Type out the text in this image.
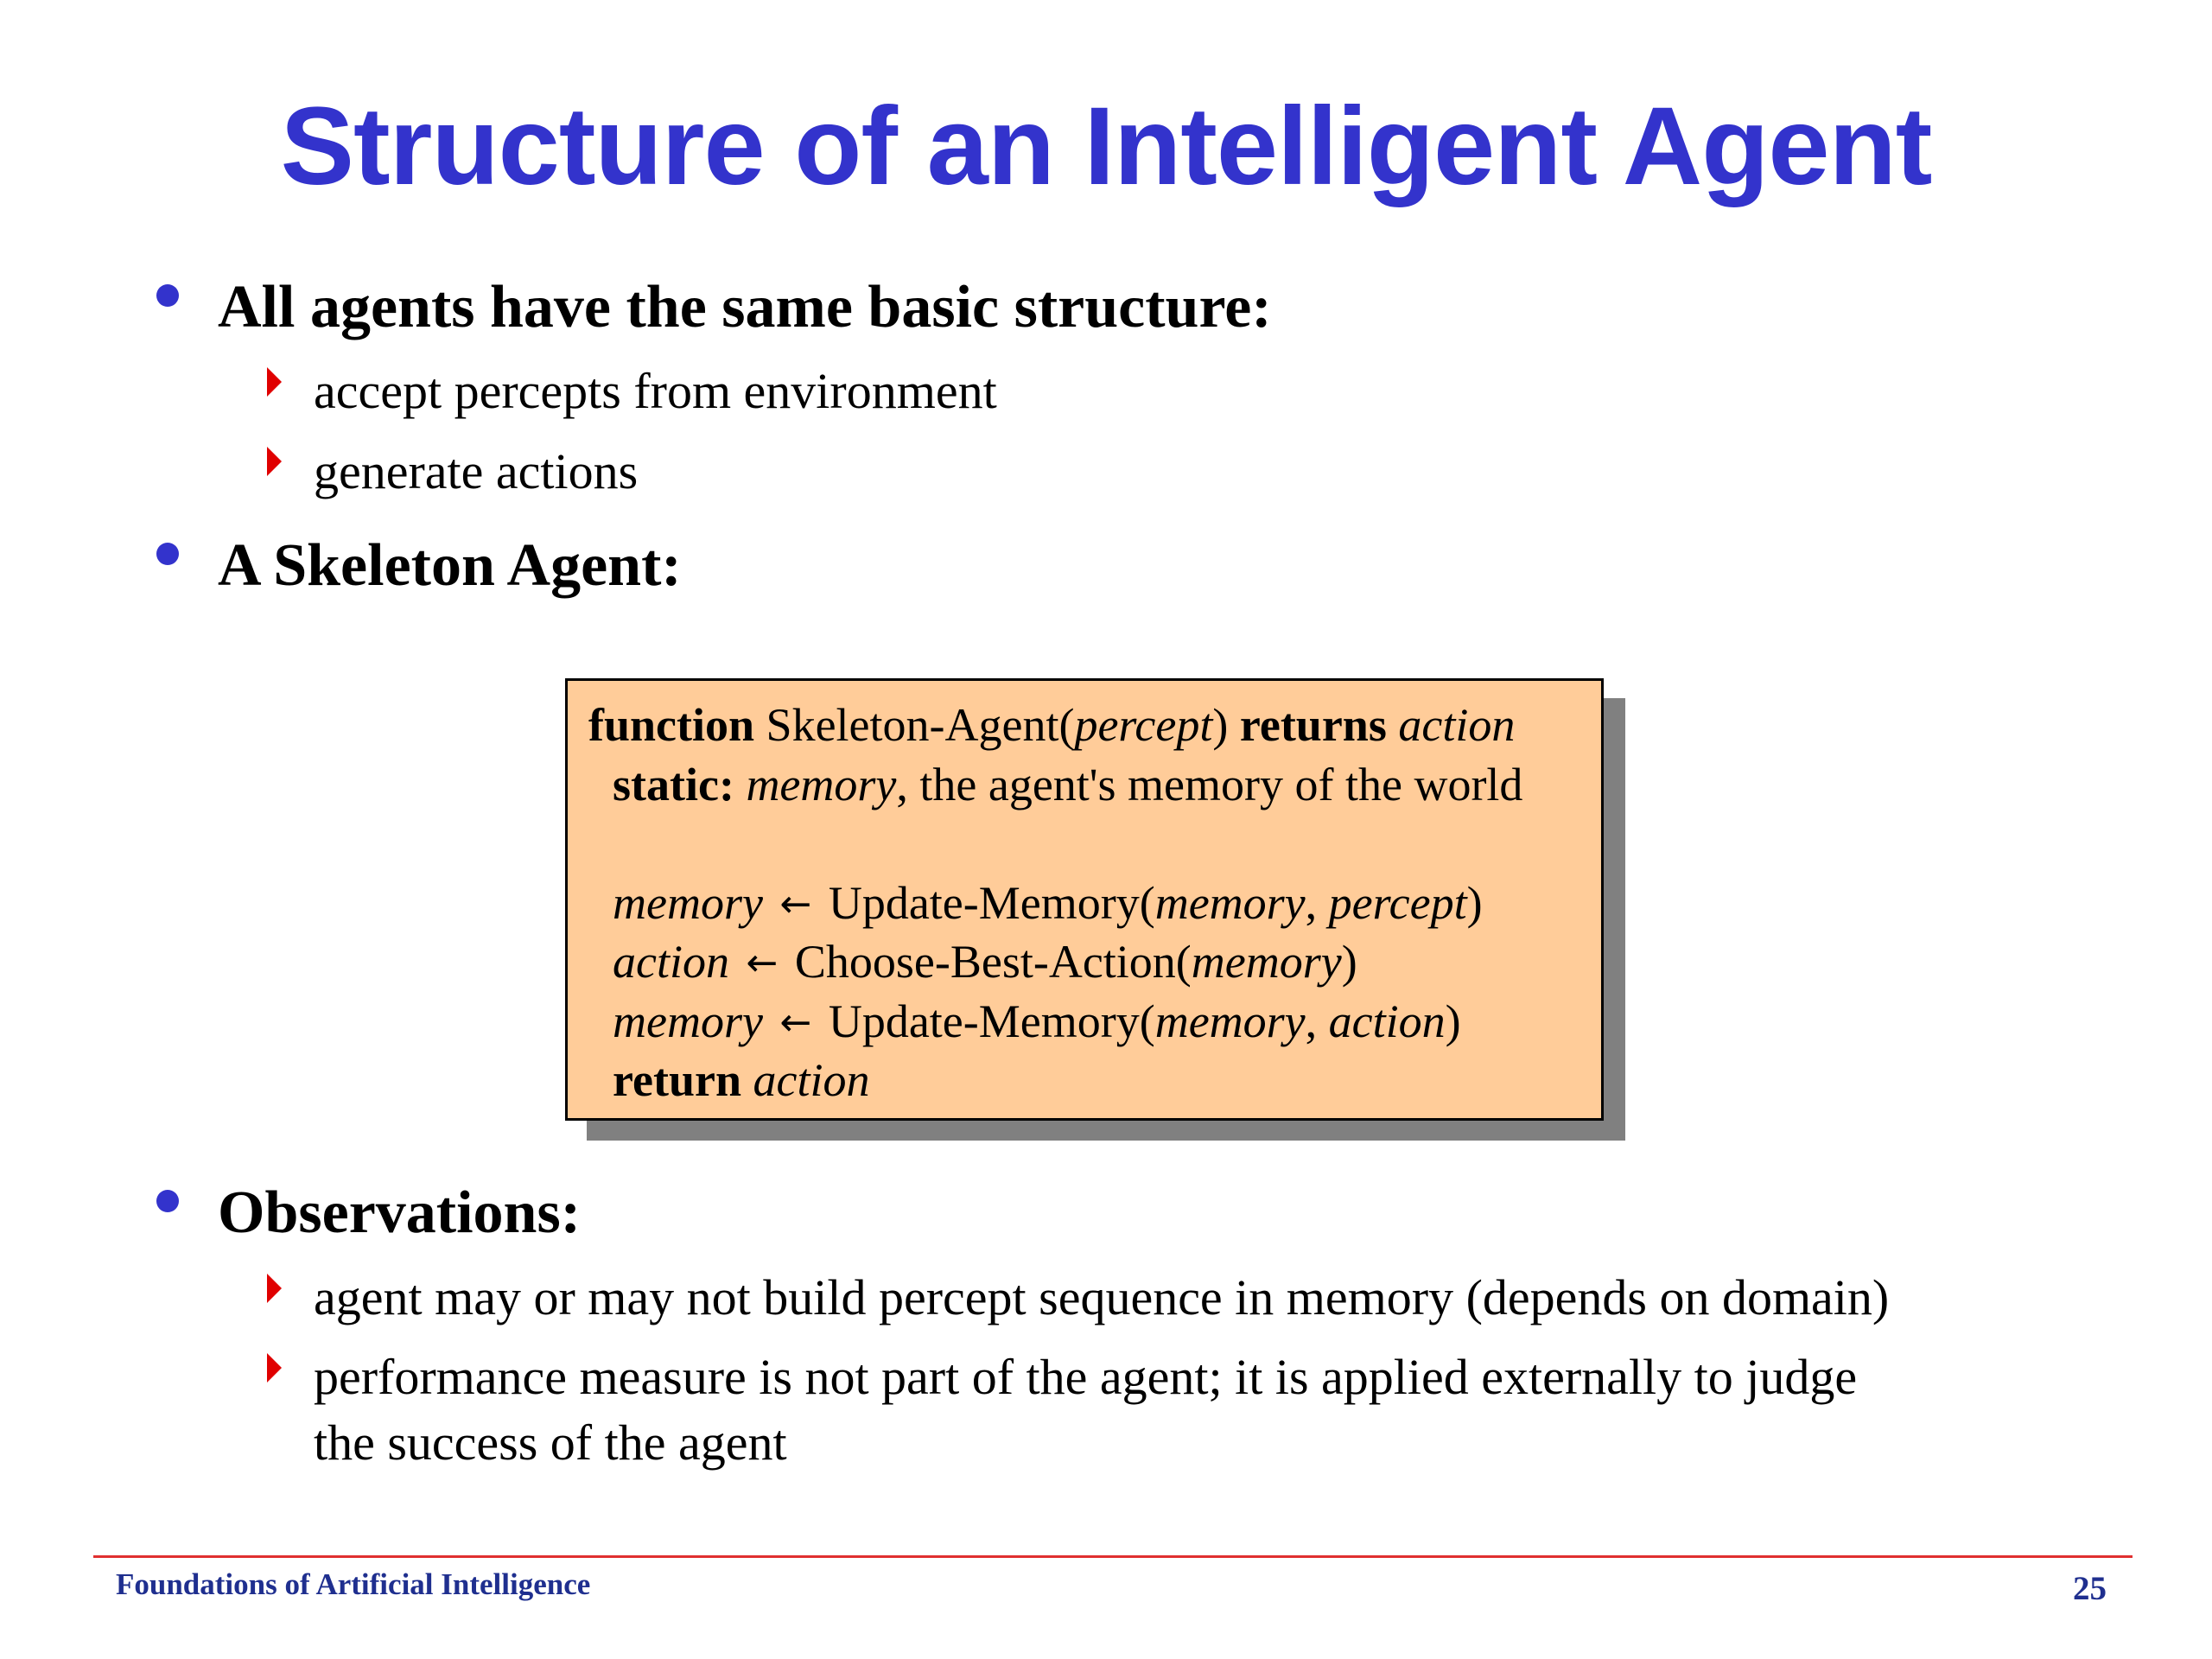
Structure of an Intelligent Agent
All agents have the same basic structure:
accept percepts from environment
generate actions
A Skeleton Agent:
function Skeleton-Agent(percept) returns action
static: memory, the agent's memory of the world
memory ← Update-Memory(memory, percept)
action ← Choose-Best-Action(memory)
memory ← Update-Memory(memory, action)
return action
Observations:
agent may or may not build percept sequence in memory (depends on domain)
performance measure is not part of the agent; it is applied externally to judge
the success of the agent
Foundations of Artificial Intelligence	25
